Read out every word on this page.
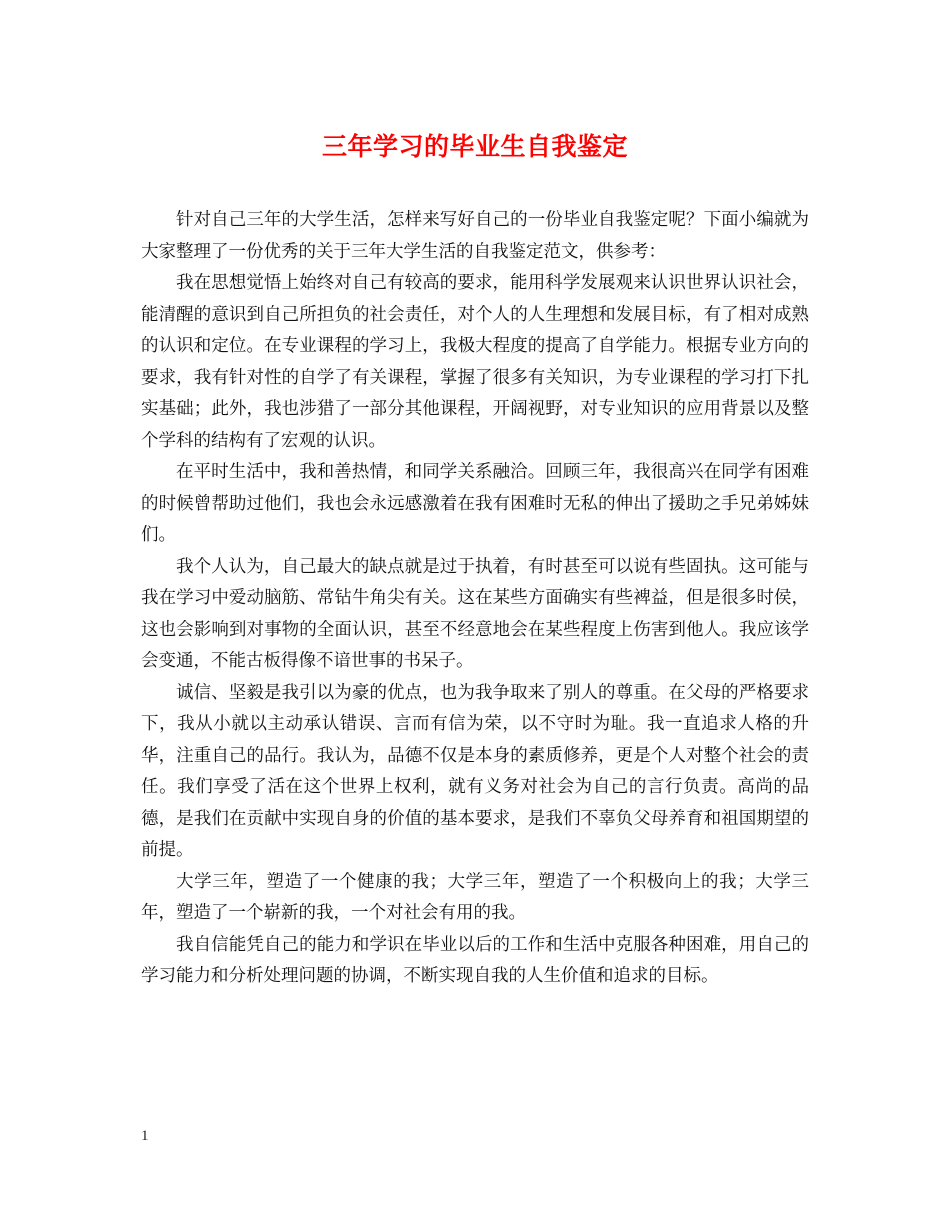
三年学习的毕业生自我鉴定

针对自己三年的大学生活，怎样来写好自己的一份毕业自我鉴定呢？下面小编就为大家整理了一份优秀的关于三年大学生活的自我鉴定范文，供参考：

我在思想觉悟上始终对自己有较高的要求，能用科学发展观来认识世界认识社会，能清醒的意识到自己所担负的社会责任，对个人的人生理想和发展目标，有了相对成熟的认识和定位。在专业课程的学习上，我极大程度的提高了自学能力。根据专业方向的要求，我有针对性的自学了有关课程，掌握了很多有关知识，为专业课程的学习打下扎实基础；此外，我也涉猎了一部分其他课程，开阔视野，对专业知识的应用背景以及整个学科的结构有了宏观的认识。

在平时生活中，我和善热情，和同学关系融洽。回顾三年，我很高兴在同学有困难的时候曾帮助过他们，我也会永远感激着在我有困难时无私的伸出了援助之手兄弟姊妹们。

我个人认为，自己最大的缺点就是过于执着，有时甚至可以说有些固执。这可能与我在学习中爱动脑筋、常钻牛角尖有关。这在某些方面确实有些裨益，但是很多时侯，这也会影响到对事物的全面认识，甚至不经意地会在某些程度上伤害到他人。我应该学会变通，不能古板得像不谙世事的书呆子。

诚信、坚毅是我引以为豪的优点，也为我争取来了别人的尊重。在父母的严格要求下，我从小就以主动承认错误、言而有信为荣，以不守时为耻。我一直追求人格的升华，注重自己的品行。我认为，品德不仅是本身的素质修养，更是个人对整个社会的责任。我们享受了活在这个世界上权利，就有义务对社会为自己的言行负责。高尚的品德，是我们在贡献中实现自身的价值的基本要求，是我们不辜负父母养育和祖国期望的前提。

大学三年，塑造了一个健康的我；大学三年，塑造了一个积极向上的我；大学三年，塑造了一个崭新的我，一个对社会有用的我。

我自信能凭自己的能力和学识在毕业以后的工作和生活中克服各种困难，用自己的学习能力和分析处理问题的协调，不断实现自我的人生价值和追求的目标。

1
